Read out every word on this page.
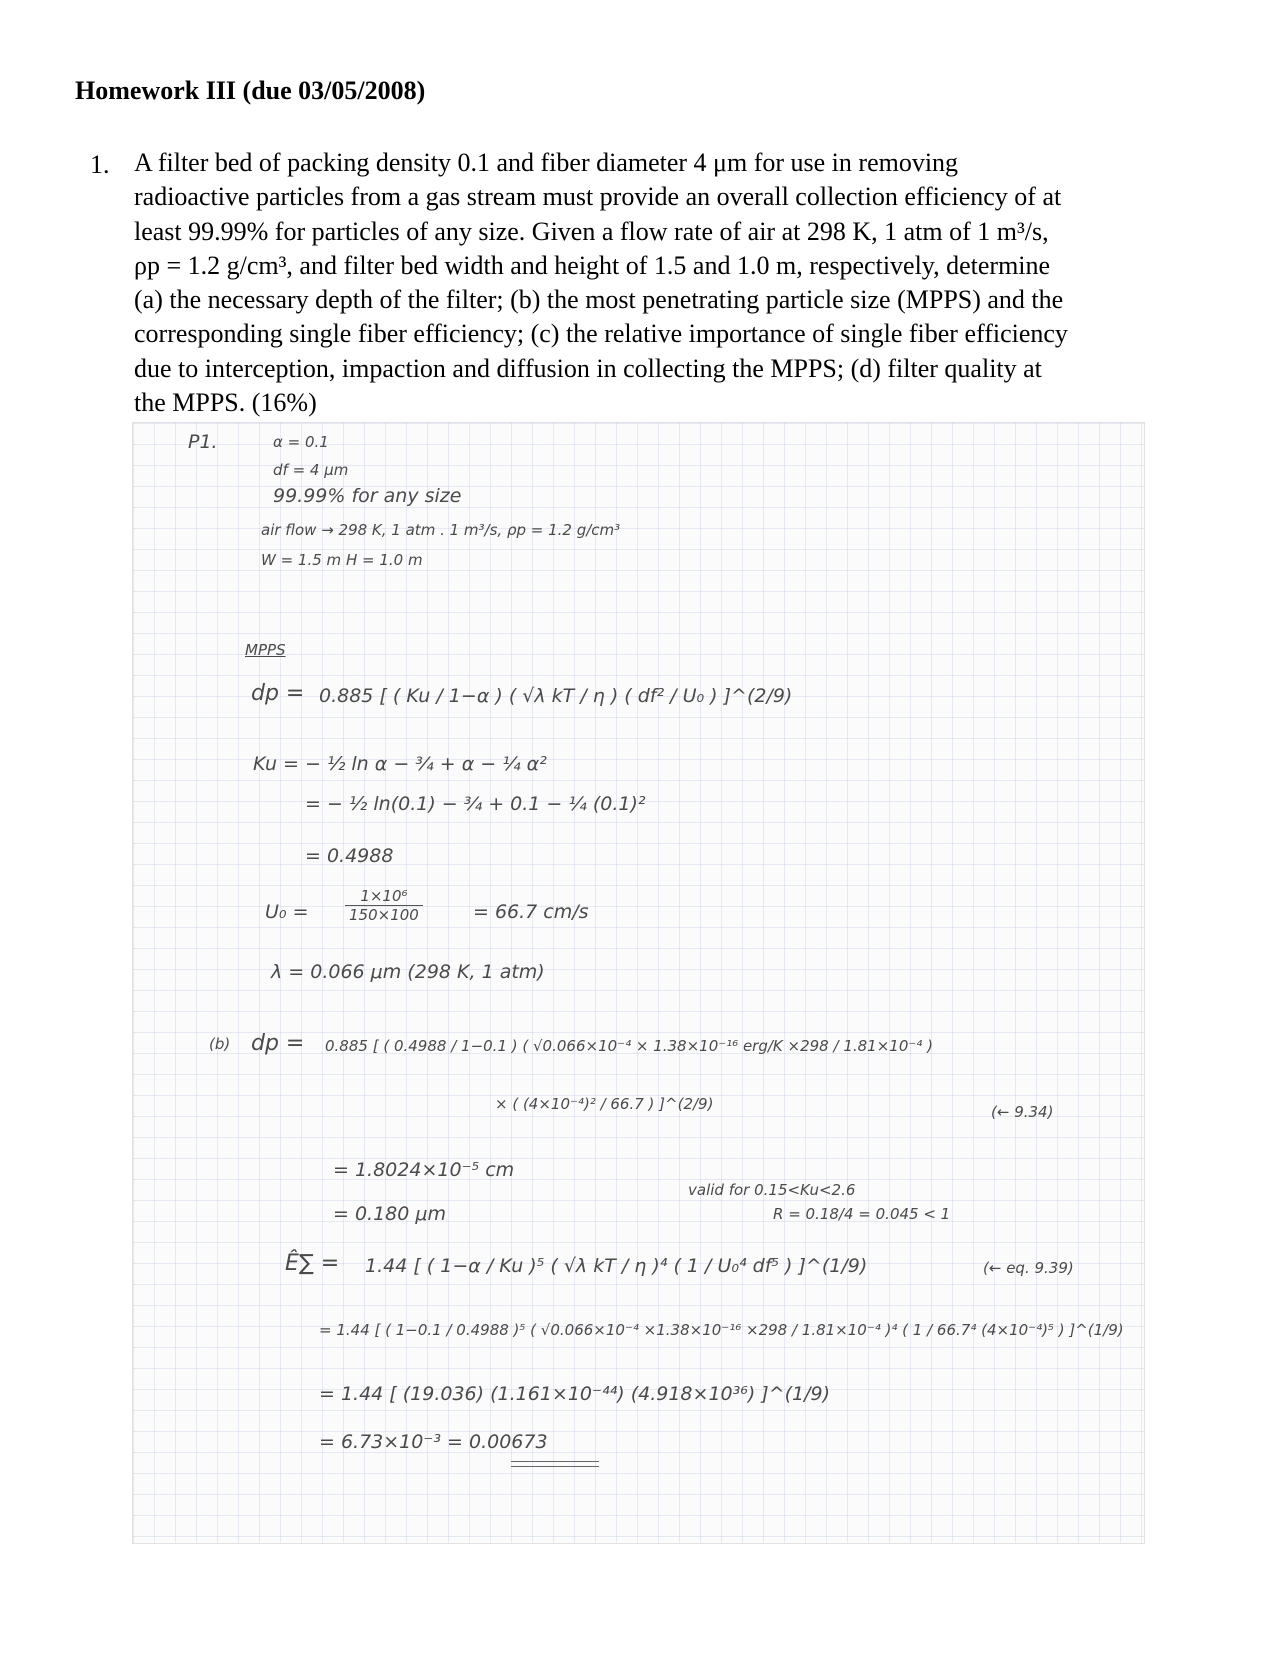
Homework III (due 03/05/2008)
1. A filter bed of packing density 0.1 and fiber diameter 4 μm for use in removing

radioactive particles from a gas stream must provide an overall collection efficiency of at

least 99.99% for particles of any size. Given a flow rate of air at 298 K, 1 atm of 1 m³/s,

ρp = 1.2 g/cm³, and filter bed width and height of 1.5 and 1.0 m, respectively, determine

(a) the necessary depth of the filter; (b) the most penetrating particle size (MPPS) and the

corresponding single fiber efficiency; (c) the relative importance of single fiber efficiency

due to interception, impaction and diffusion in collecting the MPPS; (d) filter quality at

the MPPS. (16%)

P1.	α = 0.1
df = 4 μm
99.99% for any size
air flow → 298 K, 1 atm . 1 m³/s, ρp = 1.2 g/cm³
W = 1.5 m H = 1.0 m
MPPS
dp = 0.885 [ ( Ku / 1−α ) ( √λ kT / η ) ( df² / U₀ ) ]^(2/9)
Ku = − ½ ln α − ¾ + α − ¼ α²
= − ½ ln(0.1) − ¾ + 0.1 − ¼ (0.1)²
= 0.4988
$U_0 = \frac{\text{1×10⁶}}{150\times 100}$	= 66.7 cm/s
λ = 0.066 μm (298 K, 1 atm)
(b) dp = 0.885 [ ( 0.4988 / 1−0.1 ) ( √0.066×10⁻⁴ × 1.38×10⁻¹⁶ erg/K ×298 / 1.81×10⁻⁴ )
× ( (4×10⁻⁴)² / 66.7 ) ]^(2/9)	(← 9.34)
= 1.8024×10⁻⁵ cm
= 0.180 μm
valid for 0.15<Ku<2.6
R = 0.18/4 = 0.045 < 1
Ê∑ = 1.44 [ ( 1−α / Ku )⁵ ( √λ kT / η )⁴ ( 1 / U₀⁴ df⁵ ) ]^(1/9)	(← eq. 9.39)
= 1.44 [ ( 1−0.1 / 0.4988 )⁵ ( √0.066×10⁻⁴ ×1.38×10⁻¹⁶ ×298 / 1.81×10⁻⁴ )⁴ ( 1 / 66.7⁴ (4×10⁻⁴)⁵ ) ]^(1/9)
= 1.44 [ (19.036) (1.161×10⁻⁴⁴) (4.918×10³⁶) ]^(1/9)
= 6.73×10⁻³ = 0.00673
